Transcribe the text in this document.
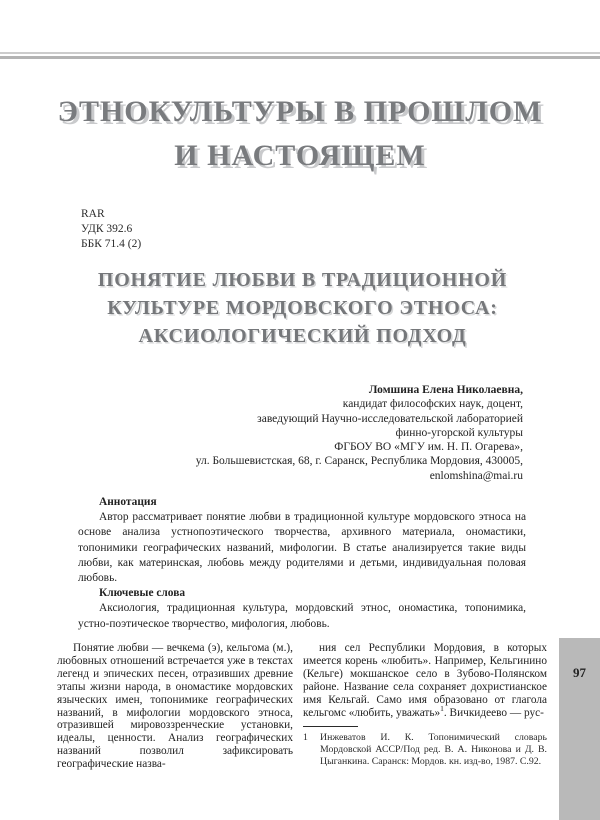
ЭТНОКУЛЬТУРЫ В ПРОШЛОМ
И НАСТОЯЩЕМ
RAR
УДК 392.6
ББК 71.4 (2)
ПОНЯТИЕ ЛЮБВИ В ТРАДИЦИОННОЙ
КУЛЬТУРЕ МОРДОВСКОГО ЭТНОСА:
АКСИОЛОГИЧЕСКИЙ ПОДХОД
Ломшина Елена Николаевна,
кандидат философских наук, доцент,
заведующий Научно-исследовательской лабораторией
финно-угорской культуры
ФГБОУ ВО «МГУ им. Н. П. Огарева»,
ул. Большевистская, 68, г. Саранск, Республика Мордовия, 430005,
enlomshina@mai.ru
Аннотация

Автор рассматривает понятие любви в традиционной культуре мордовского этноса на основе анализа устнопоэтического творчества, архивного материала, ономастики, топонимики географических названий, мифологии. В статье анализируется такие виды любви, как материнская, любовь между родителями и детьми, индивидуальная половая любовь.

Ключевые слова

Аксиология, традиционная культура, мордовский этнос, ономастика, топонимика, устно-поэтическое творчество, мифология, любовь.

Понятие любви — вечкема (э), кельгома (м.), любовных отношений встречается уже в текстах легенд и эпических песен, отразивших древние этапы жизни народа, в ономастике мордовских языческих имен, топонимике географических названий, в мифологии мордовского этноса, отразившей мировоззренческие установки, идеалы, ценности. Анализ географических названий позволил зафиксировать географические назва-

ния сел Республики Мордовия, в которых имеется корень «любить». Например, Кельгинино (Кельге) мокшанское село в Зубово-Полянском районе. Название села сохраняет дохристианское имя Кельгай. Само имя образовано от глагола кельгомс «любить, уважать»$^1$. Вичкидеево — рус-

1 Инжеватов И. К. Топонимический словарь Мордовской АССР/Под ред. В. А. Никонова и Д. В. Цыганкина. Саранск: Мордов. кн. изд-во, 1987. С.92.
97
